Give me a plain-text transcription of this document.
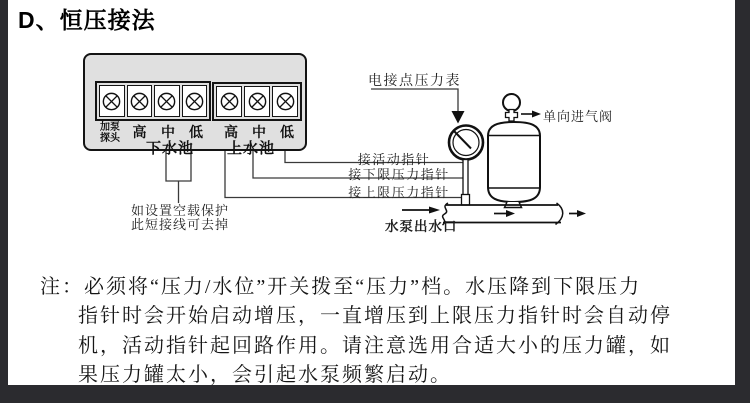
D、恒压接法
加泵
探头 高 中 低 高 中 低
下水池	上水池
电接点压力表
单向进气阀
接活动指针
接下限压力指针
接上限压力指针
水泵出水口
如设置空载保护
此短接线可去掉
注：必须将“压力/水位”开关拨至“压力”档。水压降到下限压力
指针时会开始启动增压，一直增压到上限压力指针时会自动停
机，活动指针起回路作用。请注意选用合适大小的压力罐，如
果压力罐太小，会引起水泵频繁启动。
